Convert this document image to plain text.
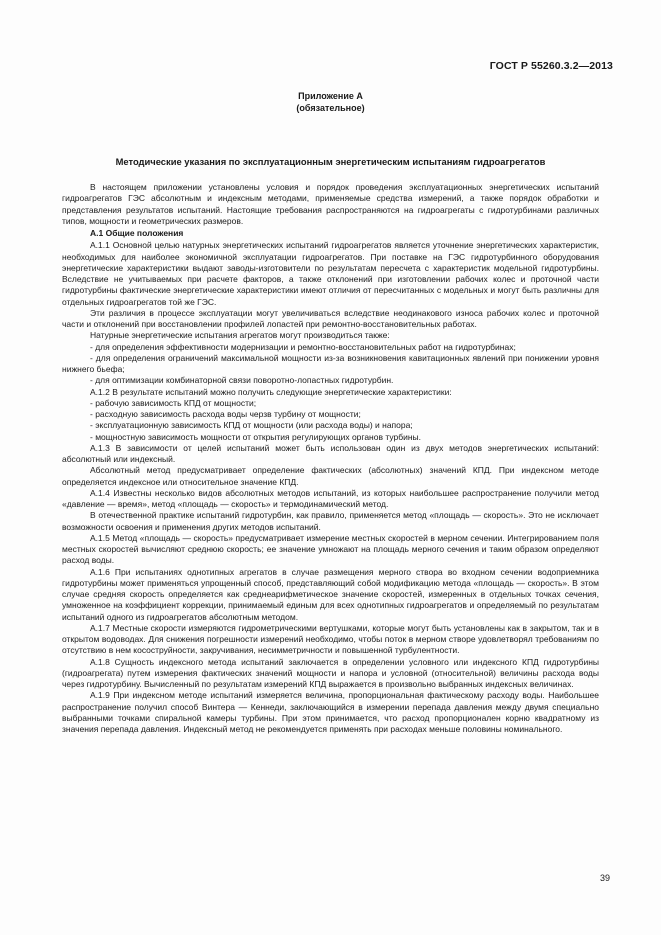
ГОСТ Р 55260.3.2—2013
Приложение А
(обязательное)
Методические указания по эксплуатационным энергетическим испытаниям гидроагрегатов

В настоящем приложении установлены условия и порядок проведения эксплуатационных энергетических испытаний гидроагрегатов ГЭС абсолютным и индексным методами, применяемые средства измерений, а также порядок обработки и представления результатов испытаний. Настоящие требования распространяются на гидроагрегаты с гидротурбинами различных типов, мощности и геометрических размеров.

А.1 Общие положения

А.1.1 Основной целью натурных энергетических испытаний гидроагрегатов является уточнение энергетических характеристик, необходимых для наиболее экономичной эксплуатации гидроагрегатов. При поставке на ГЭС гидротурбинного оборудования энергетические характеристики выдают заводы-изготовители по результатам пересчета с характеристик модельной гидротурбины. Вследствие не учитываемых при расчете факторов, а также отклонений при изготовлении рабочих колес и проточной части гидротурбины фактические энергетические характеристики имеют отличия от пересчитанных с модельных и могут быть различны для отдельных гидроагрегатов той же ГЭС.

Эти различия в процессе эксплуатации могут увеличиваться вследствие неодинакового износа рабочих колес и проточной части и отклонений при восстановлении профилей лопастей при ремонтно-восстановительных работах.

Натурные энергетические испытания агрегатов могут производиться также:

- для определения эффективности модернизации и ремонтно-восстановительных работ на гидротурбинах;

- для определения ограничений максимальной мощности из-за возникновения кавитационных явлений при понижении уровня нижнего бьефа;

- для оптимизации комбинаторной связи поворотно-лопастных гидротурбин.

А.1.2 В результате испытаний можно получить следующие энергетические характеристики:

- рабочую зависимость КПД от мощности;

- расходную зависимость расхода воды черзв турбину от мощности;

- эксплуатационную зависимость КПД от мощности (или расхода воды) и напора;

- мощностную зависимость мощности от открытия регулирующих органов турбины.

А.1.3 В зависимости от целей испытаний может быть использован один из двух методов энергетических испытаний: абсолютный или индексный.

Абсолютный метод предусматривает определение фактических (абсолютных) значений КПД. При индексном методе определяется индексное или относительное значение КПД.

А.1.4 Известны несколько видов абсолютных методов испытаний, из которых наибольшее распространение получили метод «давление — время», метод «площадь — скорость» и термодинамический метод.

В отечественной практике испытаний гидротурбин, как правило, применяется метод «площадь — скорость». Это не исключает возможности освоения и применения других методов испытаний.

А.1.5 Метод «площадь — скорость» предусматривает измерение местных скоростей в мерном сечении. Интегрированием поля местных скоростей вычисляют среднюю скорость; ее значение умножают на площадь мерного сечения и таким образом определяют расход воды.

А.1.6 При испытаниях однотипных агрегатов в случае размещения мерного створа во входном сечении водоприемника гидротурбины может применяться упрощенный способ, представляющий собой модификацию метода «площадь — скорость». В этом случае средняя скорость определяется как среднеарифметическое значение скоростей, измеренных в отдельных точках сечения, умноженное на коэффициент коррекции, принимаемый единым для всех однотипных гидроагрегатов и определяемый по результатам испытаний одного из гидроагрегатов абсолютным методом.

А.1.7 Местные скорости измеряются гидрометрическими вертушками, которые могут быть установлены как в закрытом, так и в открытом водоводах. Для снижения погрешности измерений необходимо, чтобы поток в мерном створе удовлетворял требованиям по отсутствию в нем косоструйности, закручивания, несимметричности и повышенной турбулентности.

А.1.8 Сущность индексного метода испытаний заключается в определении условного или индексного КПД гидротурбины (гидроагрегата) путем измерения фактических значений мощности и напора и условной (относительной) величины расхода воды через гидротурбину. Вычисленный по результатам измерений КПД выражается в произвольно выбранных индексных величинах.

А.1.9 При индексном методе испытаний измеряется величина, пропорциональная фактическому расходу воды. Наибольшее распространение получил способ Винтера — Кеннеди, заключающийся в измерении перепада давления между двумя специально выбранными точками спиральной камеры турбины. При этом принимается, что расход пропорционален корню квадратному из значения перепада давления. Индексный метод не рекомендуется применять при расходах меньше половины номинального.

39
